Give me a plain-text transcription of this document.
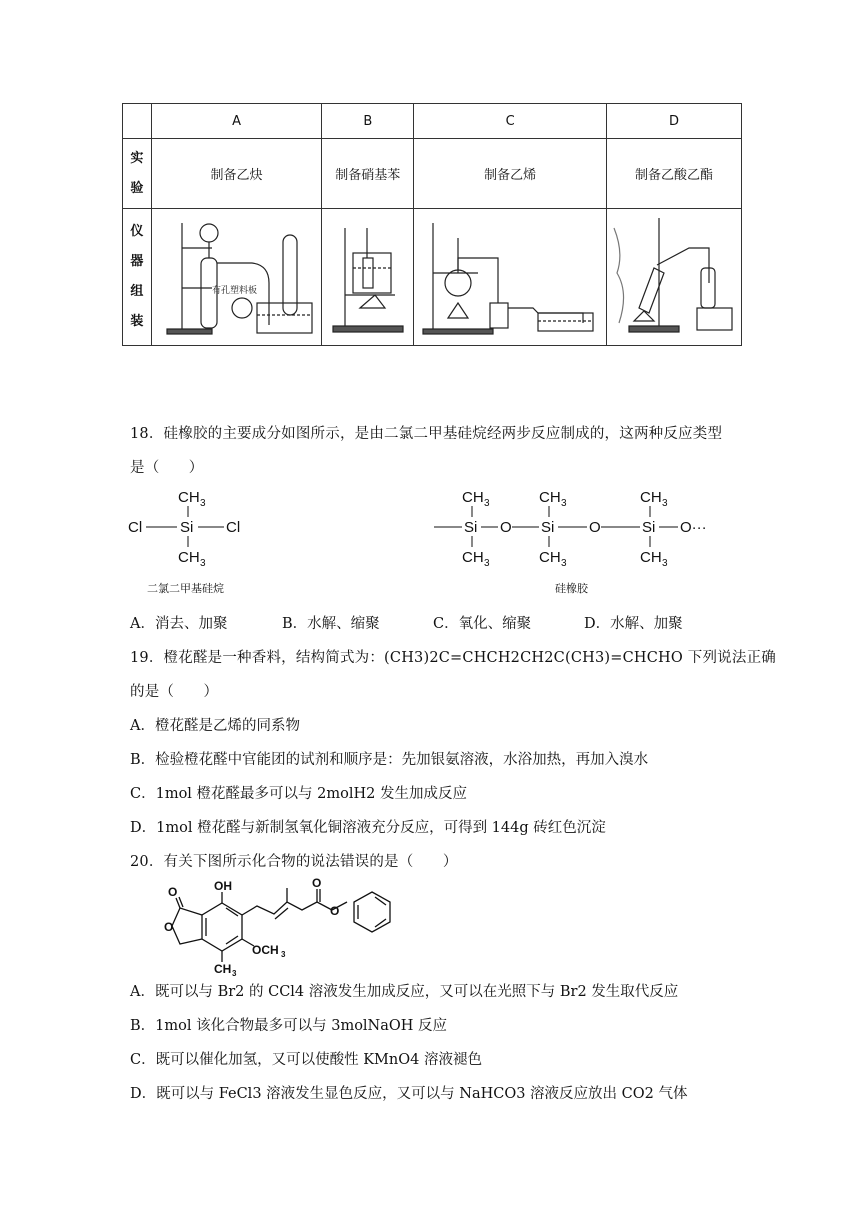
	A	B	C	D

实
验	制备乙炔	制备硝基苯	制备乙烯	制备乙酸乙酯

仪
器
组
装	有孔塑料板

18．硅橡胶的主要成分如图所示，是由二氯二甲基硅烷经两步反应制成的，这两种反应类型
是（　　）
CH 3
Cl	Si Cl
CH 3
二氯二甲基硅烷
CH 3
Si
CH 3
O
CH 3
Si
CH 3
O
CH 3
Si
CH 3
O···
硅橡胶
A．消去、加聚	B．水解、缩聚	C．氧化、缩聚	D．水解、加聚
19．橙花醛是一种香料，结构简式为：(CH3)2C=CHCH2CH2C(CH3)=CHCHO 下列说法正确
的是（　　）
A．橙花醛是乙烯的同系物
B．检验橙花醛中官能团的试剂和顺序是：先加银氨溶液，水浴加热，再加入溴水
C．1mol 橙花醛最多可以与 2molH2 发生加成反应
D．1mol 橙花醛与新制氢氧化铜溶液充分反应，可得到 144g 砖红色沉淀
20．有关下图所示化合物的说法错误的是（　　）
O
O
OH
OCH 3
CH 3
O
O
A．既可以与 Br2 的 CCl4 溶液发生加成反应，又可以在光照下与 Br2 发生取代反应
B．1mol 该化合物最多可以与 3molNaOH 反应
C．既可以催化加氢，又可以使酸性 KMnO4 溶液褪色
D．既可以与 FeCl3 溶液发生显色反应，又可以与 NaHCO3 溶液反应放出 CO2 气体
